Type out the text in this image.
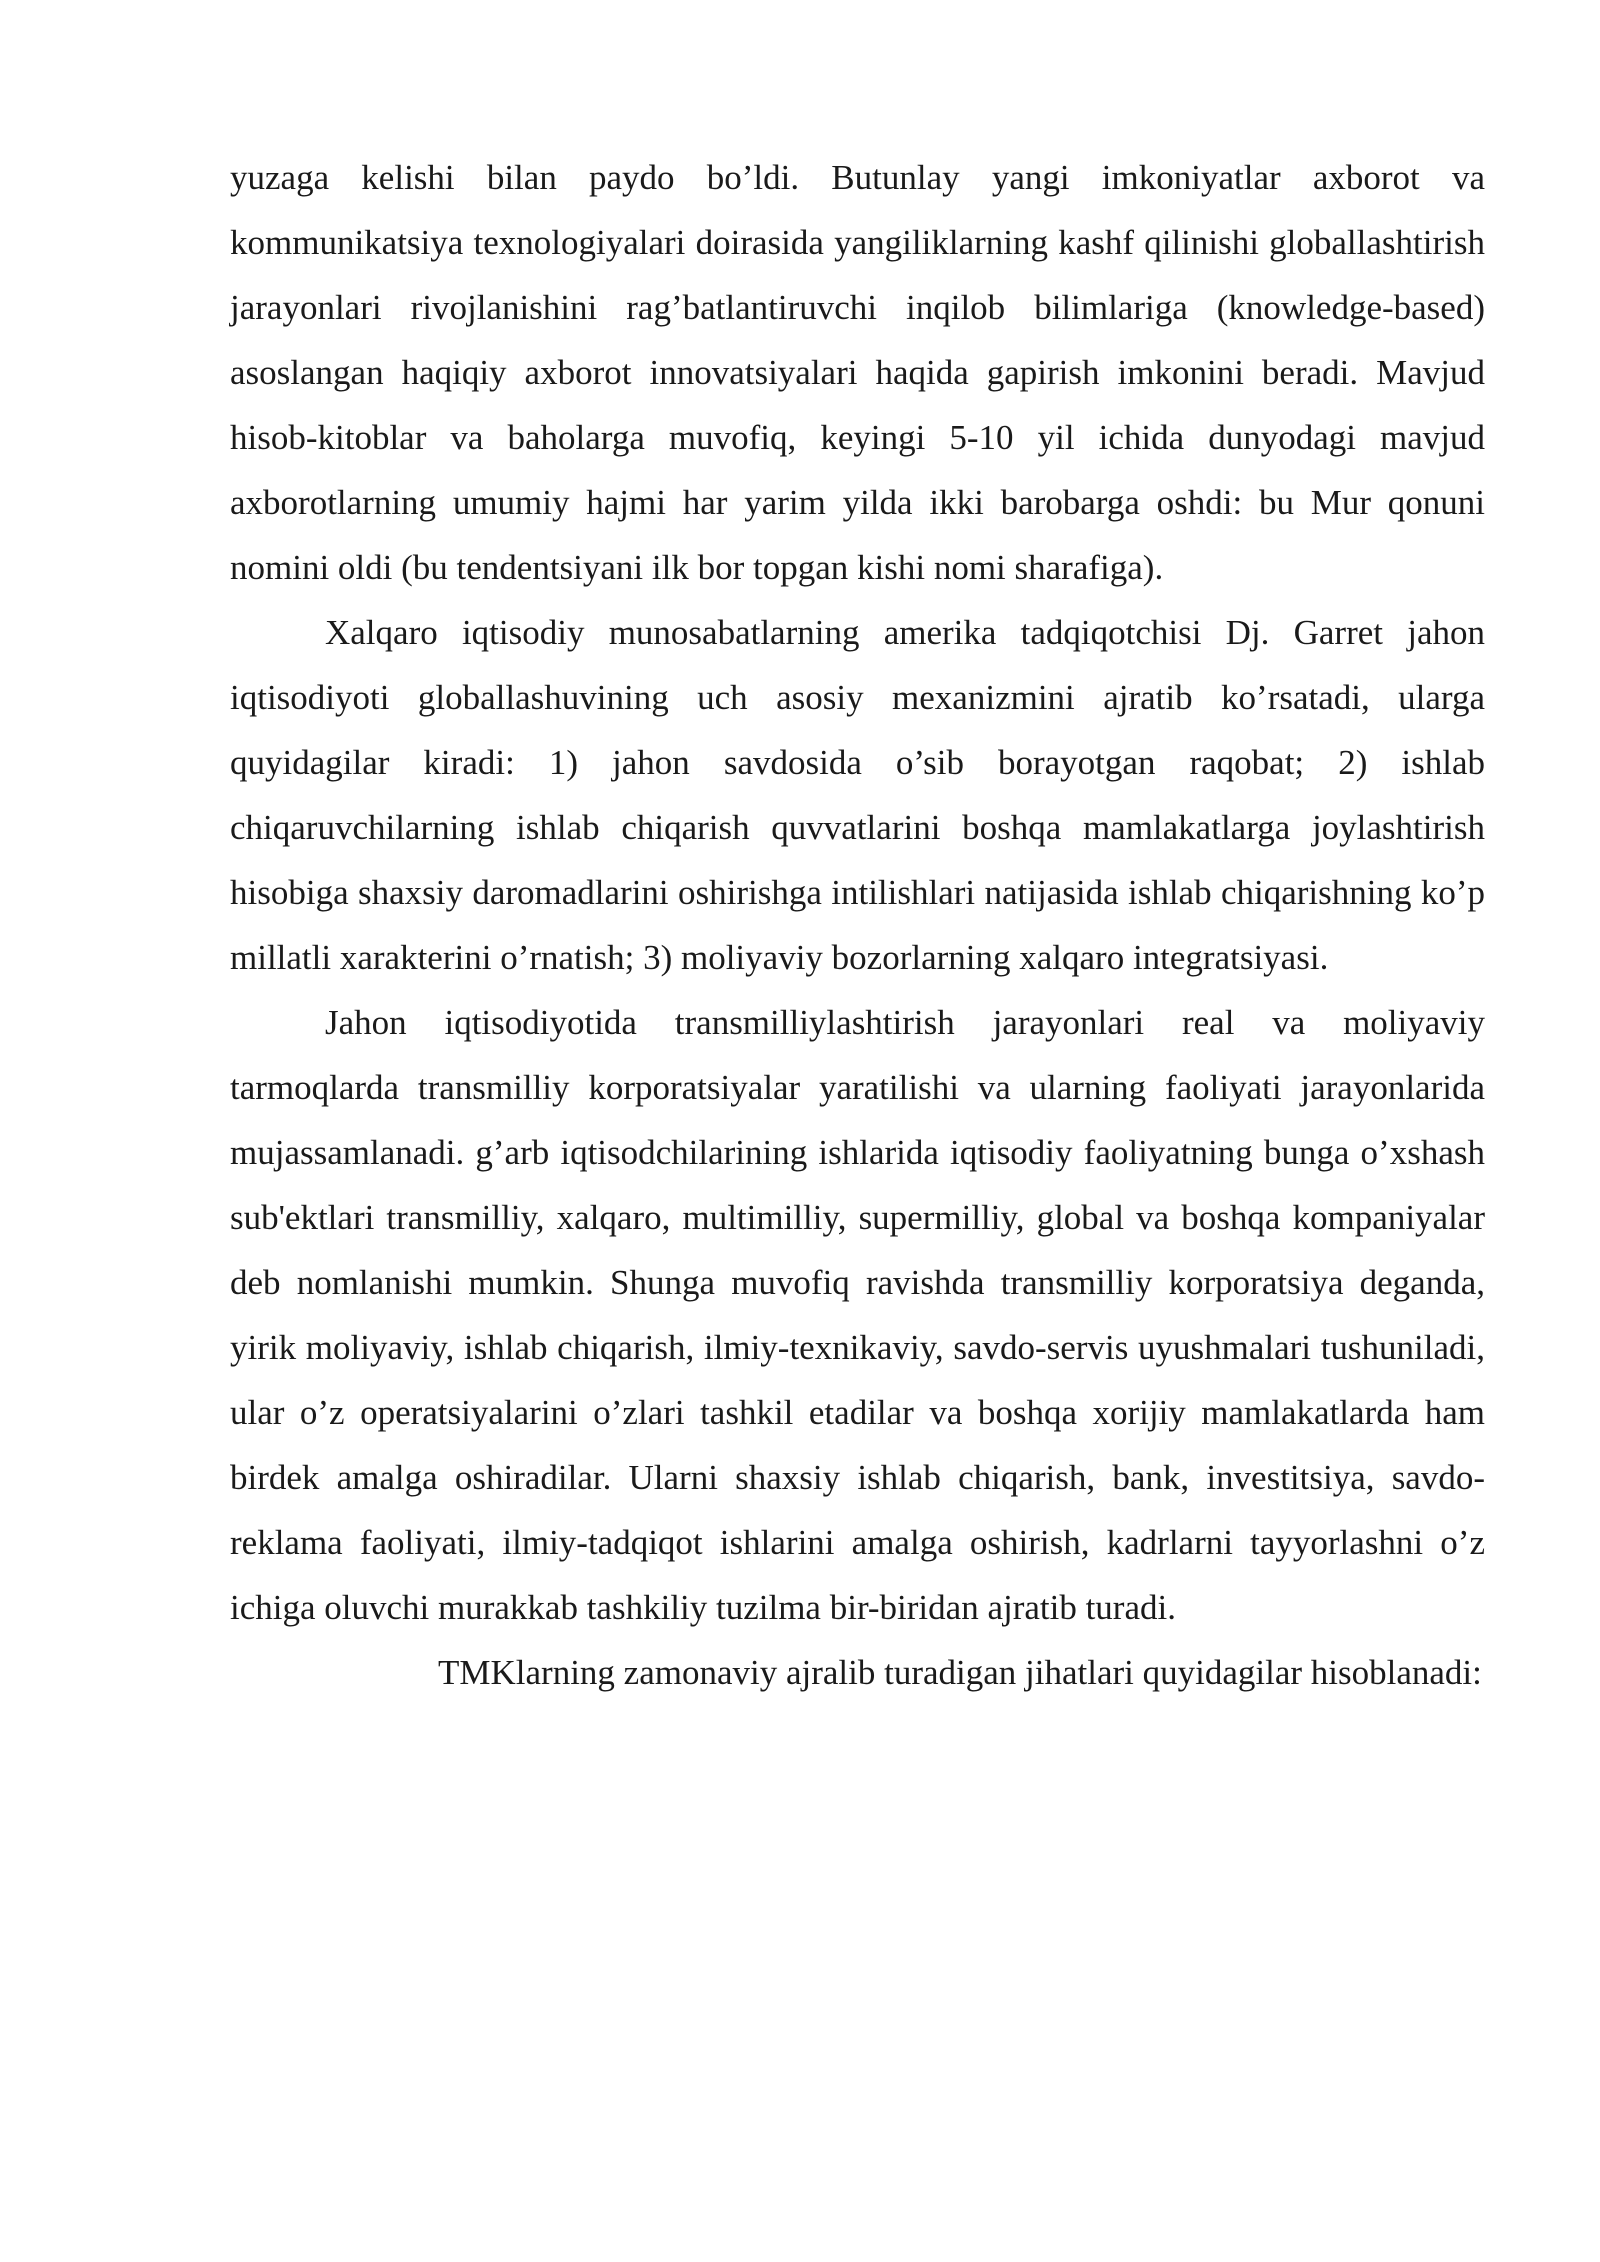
yuzaga kelishi bilan paydo bo’ldi. Butunlay yangi imkoniyatlar axborot va kommunikatsiya texnologiyalari doirasida yangiliklarning kashf qilinishi globallashtirish jarayonlari rivojlanishini rag’batlantiruvchi inqilob bilimlariga (knowledge-based) asoslangan haqiqiy axborot innovatsiyalari haqida gapirish imkonini beradi. Mavjud hisob-kitoblar va baholarga muvofiq, keyingi 5-10 yil ichida dunyodagi mavjud axborotlarning umumiy hajmi har yarim yilda ikki barobarga oshdi: bu Mur qonuni nomini oldi (bu tendentsiyani ilk bor topgan kishi nomi sharafiga).

Xalqaro iqtisodiy munosabatlarning amerika tadqiqotchisi Dj. Garret jahon iqtisodiyoti globallashuvining uch asosiy mexanizmini ajratib ko’rsatadi, ularga quyidagilar kiradi: 1) jahon savdosida o’sib borayotgan raqobat; 2) ishlab chiqaruvchilarning ishlab chiqarish quvvatlarini boshqa mamlakatlarga joylashtirish hisobiga shaxsiy daromadlarini oshirishga intilishlari natijasida ishlab chiqarishning ko’p millatli xarakterini o’rnatish; 3) moliyaviy bozorlarning xalqaro integratsiyasi.

Jahon iqtisodiyotida transmilliylashtirish jarayonlari real va moliyaviy tarmoqlarda transmilliy korporatsiyalar yaratilishi va ularning faoliyati jarayonlarida mujassamlanadi. g’arb iqtisodchilarining ishlarida iqtisodiy faoliyatning bunga o’xshash sub'ektlari transmilliy, xalqaro, multimilliy, supermilliy, global va boshqa kompaniyalar deb nomlanishi mumkin. Shunga muvofiq ravishda transmilliy korporatsiya deganda, yirik moliyaviy, ishlab chiqarish, ilmiy-texnikaviy, savdo-servis uyushmalari tushuniladi, ular o’z operatsiyalarini o’zlari tashkil etadilar va boshqa xorijiy mamlakatlarda ham birdek amalga oshiradilar. Ularni shaxsiy ishlab chiqarish, bank, investitsiya, savdo-reklama faoliyati, ilmiy-tadqiqot ishlarini amalga oshirish, kadrlarni tayyorlashni o’z ichiga oluvchi murakkab tashkiliy tuzilma bir-biridan ajratib turadi.

TMKlarning zamonaviy ajralib turadigan jihatlari quyidagilar hisoblanadi:
